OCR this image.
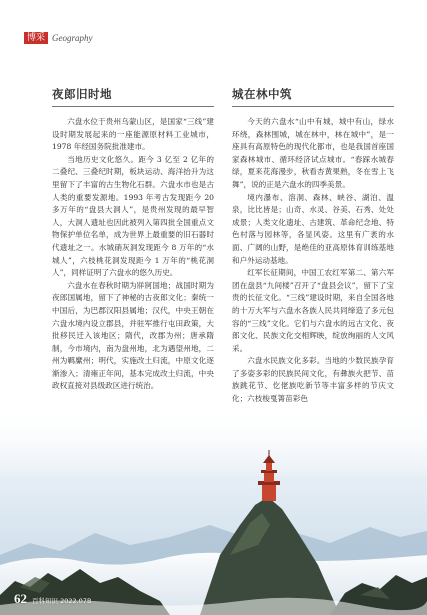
博采 Geography
夜郎旧时地

六盘水位于贵州乌蒙山区，是国家“三线”建设时期发展起来的一座能源原材料工业城市，1978 年经国务院批准建市。

当地历史文化悠久。距今 3 亿至 2 亿年的二叠纪、三叠纪时期，板块运动、海洋抬升为这里留下了丰富的古生物化石群。六盘水市也是古人类的重要发源地。1993 年考古发现距今 20 多万年的“盘县大洞人”，是贵州发现的最早智人，大洞人遗址也因此被列入第四批全国重点文物保护单位名单，成为世界上最重要的旧石器时代遗址之一。水城硝灰洞发现距今 8 万年的“水城人”，六枝桃花洞发现距今 1 万年的“桃花洞人”，同样证明了六盘水的悠久历史。

六盘水在春秋时期为牂牁国地；战国时期为夜郎国属地，留下了神秘的古夜郎文化；秦统一中国后，为巴郡汉阳县属地；汉代，中央王朝在六盘水境内设立郡县，并驻军推行屯田政策，大批移民迁入该地区；隋代，改郡为州；唐承隋制，今市境内，南为盘州地，北为遇望州地，二州为羁縻州；明代，实施改土归流，中原文化逐渐渗入；清雍正年间，基本完成改土归流，中央政权直接对县级政区进行统治。

城在林中筑

今天的六盘水“山中有城，城中有山，绿水环绕，森林围城，城在林中，林在城中”，是一座具有高原特色的现代化都市，也是我国首座国家森林城市、循环经济试点城市。“春踩水城春绿，夏来花海漫步，秋看杏黄果熟，冬在雪上飞舞”，说的正是六盘水的四季美景。

境内瀑布、溶洞、森林、峡谷、湖泊、温泉，比比皆是；山奇、水灵、谷美、石秀、处处成景；人类文化遗址、古建筑、革命纪念地、特色村落与园林等，各显风姿。这里有广袤的水面、广阔的山野，是绝佳的亚高原体育训练基地和户外运动基地。

红军长征期间，中国工农红军第二、第六军团在盘县“九间楼”召开了“盘县会议”，留下了宝贵的长征文化。“三线”建设时期，来自全国各地的十万大军与六盘水各族人民共同缔造了多元包容的“三线”文化。它们与六盘水的远古文化、夜郎文化、民族文化交相辉映，绽放绚丽的人文风采。

六盘水民族文化多彩。当地的少数民族孕育了多姿多彩的民族民间文化，有彝族火把节、苗族跳花节、仡佬族吃新节等丰富多样的节庆文化；六枝梭戛箐苗彩色

62 百科知识 2022.07B
